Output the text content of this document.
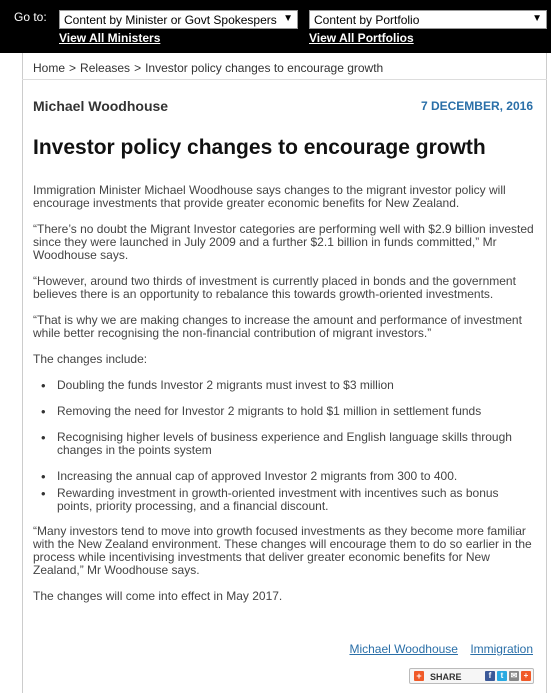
Go to:	Content by Minister or Govt Spokespers ▼	Content by Portfolio	▼
View All Ministers	View All Portfolios
Home > Releases > Investor policy changes to encourage growth
Michael Woodhouse	7 DECEMBER, 2016
Investor policy changes to encourage growth

Immigration Minister Michael Woodhouse says changes to the migrant investor policy will encourage investments that provide greater economic benefits for New Zealand.

“There’s no doubt the Migrant Investor categories are performing well with $2.9 billion invested since they were launched in July 2009 and a further $2.1 billion in funds committed,” Mr Woodhouse says.

“However, around two thirds of investment is currently placed in bonds and the government believes there is an opportunity to rebalance this towards growth-oriented investments.

“That is why we are making changes to increase the amount and performance of investment while better recognising the non-financial contribution of migrant investors.”

The changes include:

• Doubling the funds Investor 2 migrants must invest to $3 million
• Removing the need for Investor 2 migrants to hold $1 million in settlement funds
• Recognising higher levels of business experience and English language skills through changes in the points system
• Increasing the annual cap of approved Investor 2 migrants from 300 to 400.
• Rewarding investment in growth-oriented investment with incentives such as bonus points, priority processing, and a financial discount.

“Many investors tend to move into growth focused investments as they become more familiar with the New Zealand environment. These changes will encourage them to do so earlier in the process while incentivising investments that deliver greater economic benefits for New Zealand,” Mr Woodhouse says.

The changes will come into effect in May 2017.

Michael Woodhouse Immigration
+ SHARE	f	t ✉ +
